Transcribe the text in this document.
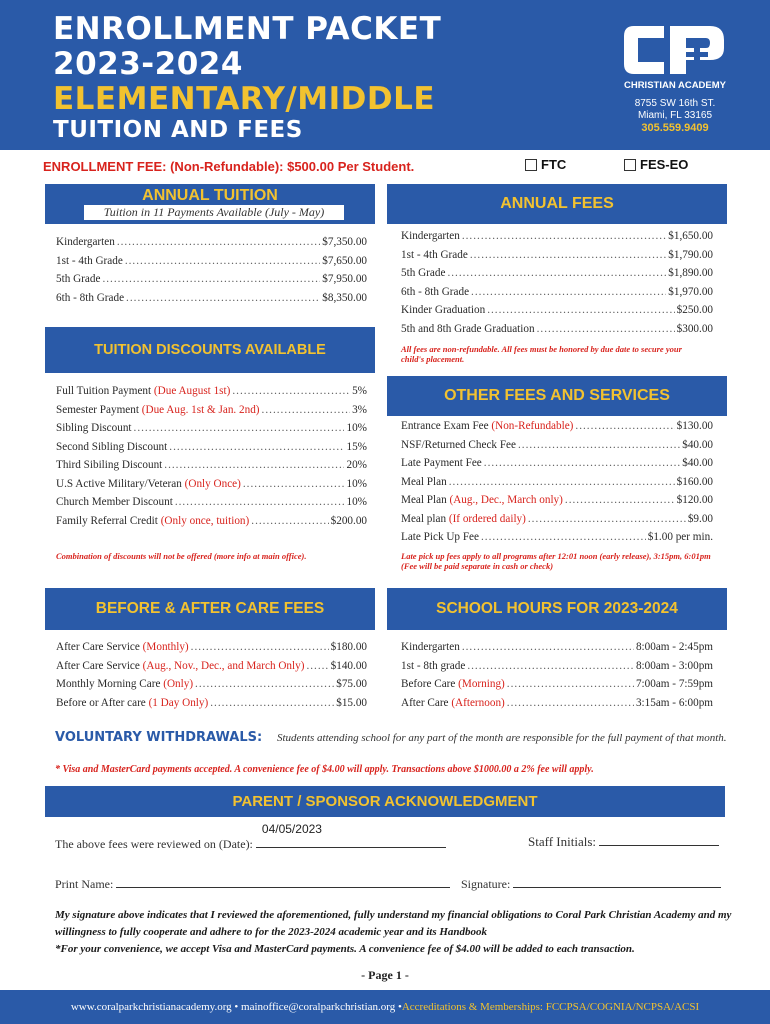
ENROLLMENT PACKET
2023-2024
ELEMENTARY/MIDDLE
TUITION AND FEES
CHRISTIAN ACADEMY
8755 SW 16th ST.
Miami, FL 33165
305.559.9409
ENROLLMENT FEE: (Non-Refundable): $500.00 Per Student.	FTC	FES-EO
ANNUAL TUITION
Tuition in 11 Payments Available (July - May)
Kindergarten .....	$7,350.00
1st - 4th Grade .....	$7,650.00
5th Grade .....	$7,950.00
6th - 8th Grade .....	$8,350.00
ANNUAL FEES
Kindergarten .....	$1,650.00
1st - 4th Grade .....	$1,790.00
5th Grade .....	$1,890.00
6th - 8th Grade .....	$1,970.00
Kinder Graduation .....	$250.00
5th and 8th Grade Graduation .....	$300.00
All fees are non-refundable. All fees must be honored by due date to secure your child's placement.
TUITION DISCOUNTS AVAILABLE
Full Tuition Payment (Due August 1st) .....	5%
Semester Payment (Due Aug. 1st & Jan. 2nd) .....	3%
Sibling Discount .....	10%
Second Sibling Discount .....	15%
Third Sibiling Discount .....	20%
U.S Active Military/Veteran (Only Once) .....	10%
Church Member Discount .....	10%
Family Referral Credit (Only once, tuition) .....	$200.00
Combination of discounts will not be offered (more info at main office).
OTHER FEES AND SERVICES
Entrance Exam Fee (Non-Refundable) .....	$130.00
NSF/Returned Check Fee .....	$40.00
Late Payment Fee .....	$40.00
Meal Plan .....	$160.00
Meal Plan (Aug., Dec., March only) .....	$120.00
Meal plan (If ordered daily) .....	$9.00
Late Pick Up Fee .....	$1.00 per min.
Late pick up fees apply to all programs after 12:01 noon (early release), 3:15pm, 6:01pm (Fee will be paid separate in cash or check)
BEFORE & AFTER CARE FEES
After Care Service (Monthly) .....	$180.00
After Care Service (Aug., Nov., Dec., and March Only) ..... $140.00
Monthly Morning Care (Only) .....	$75.00
Before or After care (1 Day Only) .....	$15.00
SCHOOL HOURS FOR 2023-2024
Kindergarten .....	8:00am - 2:45pm
1st - 8th grade .....	8:00am - 3:00pm
Before Care (Morning) .....	7:00am - 7:59pm
After Care (Afternoon) .....	3:15am - 6:00pm
VOLUNTARY WITHDRAWALS:	Students attending school for any part of the month are responsible for the full payment of that month.
* Visa and MasterCard payments accepted. A convenience fee of $4.00 will apply. Transactions above $1000.00 a 2% fee will apply.
PARENT / SPONSOR ACKNOWLEDGMENT
The above fees were reviewed on (Date):
04/05/2023
Staff Initials:
Print Name:	Signature:
My signature above indicates that I reviewed the aforementioned, fully understand my financial obligations to Coral Park Christian Academy and my willingness to fully cooperate and adhere to for the 2023-2024 academic year and its Handbook
*For your convenience, we accept Visa and MasterCard payments. A convenience fee of $4.00 will be added to each transaction.
- Page 1 -
www.coralparkchristianacademy.org • mainoffice@coralparkchristian.org • Accreditations & Memberships: FCCPSA/COGNIA/NCPSA/ACSI
